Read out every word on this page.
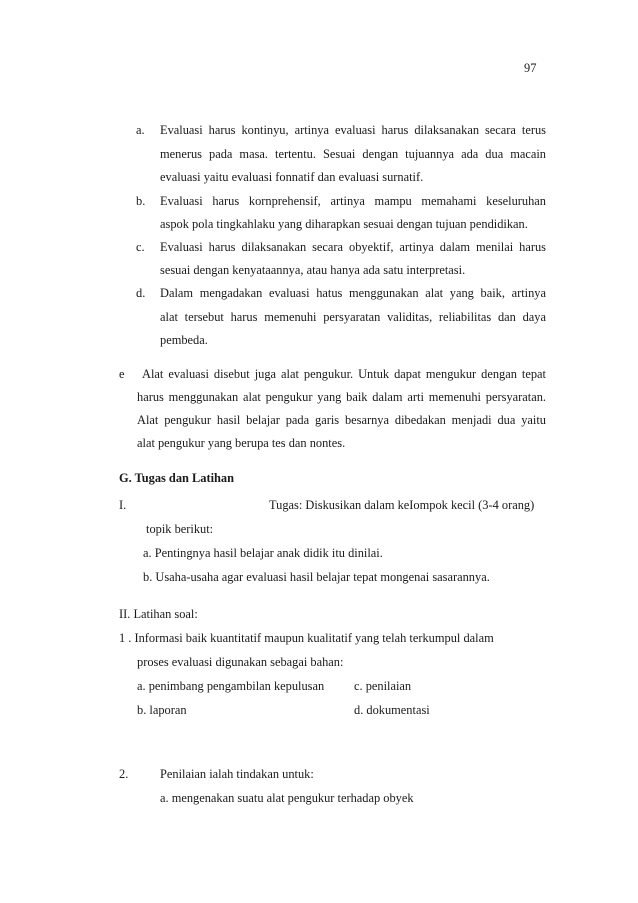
97
a. Evaluasi harus kontinyu, artinya evaluasi harus dilaksanakan secara terus
menerus pada masa. tertentu. Sesuai dengan tujuannya ada dua macain
evaluasi yaitu evaluasi fonnatif dan evaluasi surnatif.
b. Evaluasi harus kornprehensif, artinya mampu memahami keseluruhan
aspok pola tingkahlaku yang diharapkan sesuai dengan tujuan pendidikan.
c. Evaluasi harus dilaksanakan secara obyektif, artinya dalam menilai harus
sesuai dengan kenyataannya, atau hanya ada satu interpretasi.
d. Dalam mengadakan evaluasi hatus menggunakan alat yang baik, artinya
alat tersebut harus memenuhi persyaratan validitas, reliabilitas dan daya
pembeda.
e Alat evaluasi disebut juga alat pengukur. Untuk dapat mengukur dengan tepat
harus menggunakan alat pengukur yang baik dalam arti memenuhi persyaratan.
Alat pengukur hasil belajar pada garis besarnya dibedakan menjadi dua yaitu
alat pengukur yang berupa tes dan nontes.
G. Tugas dan Latihan
I.	Tugas: Diskusikan dalam keIompok kecil (3-4 orang)
topik berikut:
a. Pentingnya hasil belajar anak didik itu dinilai.
b. Usaha-usaha agar evaluasi hasil belajar tepat mongenai sasarannya.
II. Latihan soal:
1 . Informasi baik kuantitatif maupun kualitatif yang telah terkumpul dalam
proses evaluasi digunakan sebagai bahan:
a. penimbang pengambilan kepulusan c. penilaian
b. laporan	d. dokumentasi
2.	Penilaian ialah tindakan untuk:
a. mengenakan suatu alat pengukur terhadap obyek
